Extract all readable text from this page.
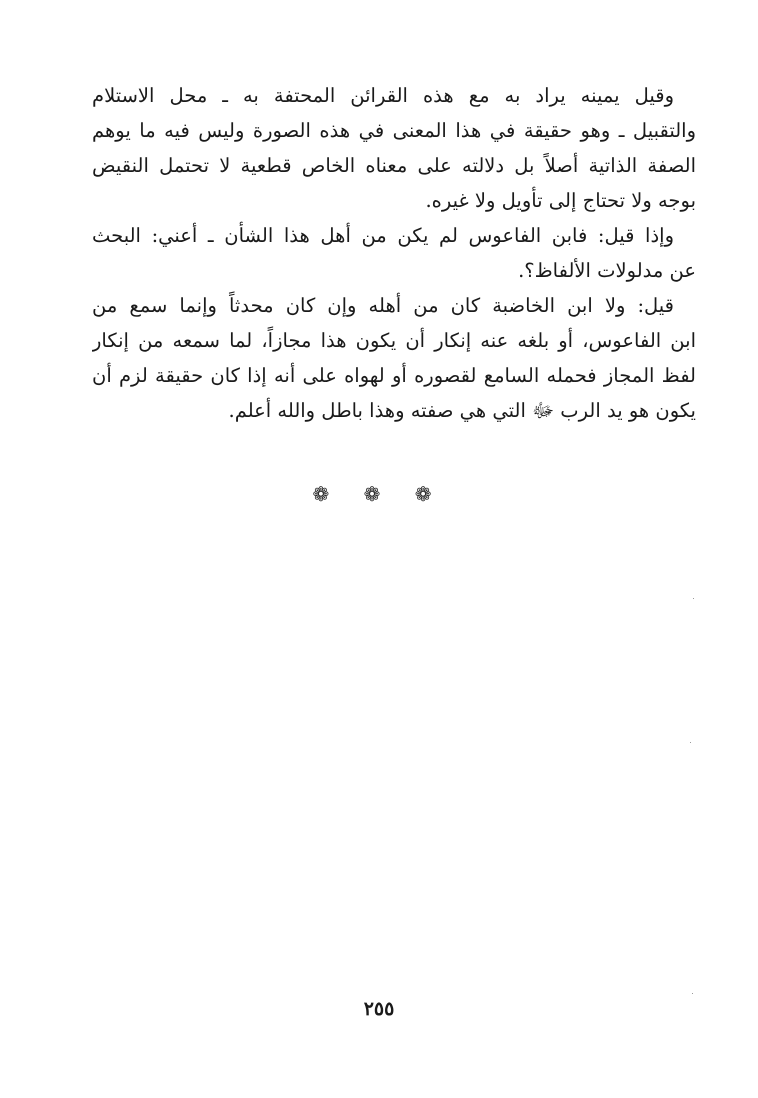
وقيل يمينه يراد به مع هذه القرائن المحتفة به ـ محل الاستلام
والتقبيل ـ وهو حقيقة في هذا المعنى في هذه الصورة وليس فيه ما يوهم
الصفة الذاتية أصلاً بل دلالته على معناه الخاص قطعية لا تحتمل النقيض
بوجه ولا تحتاج إلى تأويل ولا غيره.
وإذا قيل: فابن الفاعوس لم يكن من أهل هذا الشأن ـ أعني: البحث
عن مدلولات الألفاظ؟.
قيل: ولا ابن الخاضبة كان من أهله وإن كان محدثاً وإنما سمع من
ابن الفاعوس، أو بلغه عنه إنكار أن يكون هذا مجازاً، لما سمعه من إنكار
لفظ المجاز فحمله السامع لقصوره أو لهواه على أنه إذا كان حقيقة لزم أن
يكون هو يد الرب ﷻ التي هي صفته وهذا باطل والله أعلم.
❁ ❁ ❁
٢٥٥
